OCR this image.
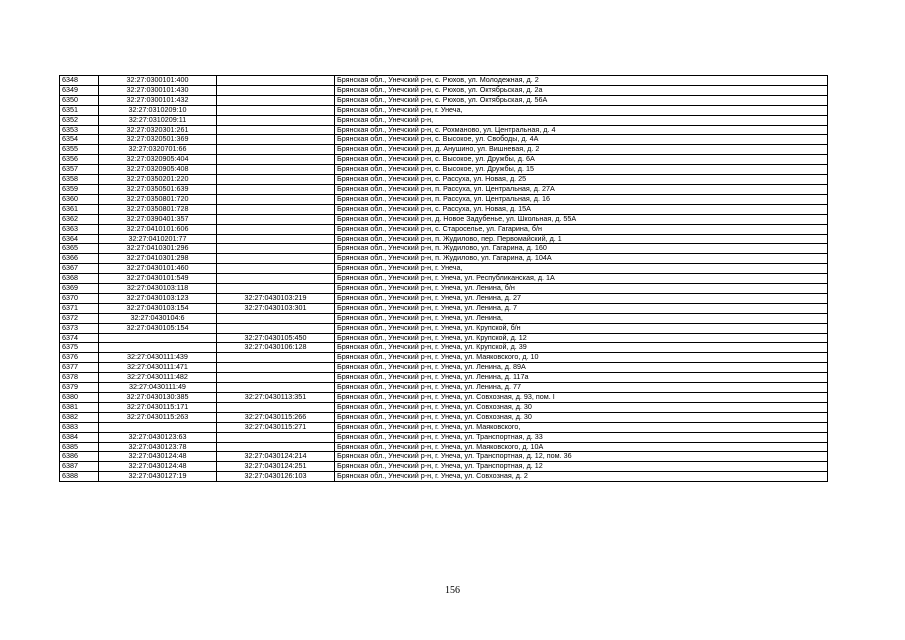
6348	32:27:0300101:400		Брянская обл., Унечский р-н, с. Рюхов, ул. Молодежная, д. 2
6349	32:27:0300101:430		Брянская обл., Унечский р-н, с. Рюхов, ул. Октябрьская, д. 2а
6350	32:27:0300101:432		Брянская обл., Унечский р-н, с. Рюхов, ул. Октябрьская, д. 56А
6351	32:27:0310209:10		Брянская обл., Унечский р-н, г. Унеча,
6352	32:27:0310209:11		Брянская обл., Унечский р-н,
6353	32:27:0320301:261		Брянская обл., Унечский р-н, с. Рохманово, ул. Центральная, д. 4
6354	32:27:0320501:369		Брянская обл., Унечский р-н, с. Высокое, ул. Свободы, д. 4А
6355	32:27:0320701:66		Брянская обл., Унечский р-н, д. Анушино, ул. Вишневая, д. 2
6356	32:27:0320905:404		Брянская обл., Унечский р-н, с. Высокое, ул. Дружбы, д. 6А
6357	32:27:0320905:408		Брянская обл., Унечский р-н, с. Высокое, ул. Дружбы, д. 15
6358	32:27:0350201:220		Брянская обл., Унечский р-н, с. Рассуха, ул. Новая, д. 25
6359	32:27:0350501:639		Брянская обл., Унечский р-н, п. Рассуха, ул. Центральная, д. 27А
6360	32:27:0350801:720		Брянская обл., Унечский р-н, п. Рассуха, ул. Центральная, д. 16
6361	32:27:0350801:728		Брянская обл., Унечский р-н, с. Рассуха, ул. Новая, д. 15А
6362	32:27:0390401:357		Брянская обл., Унечский р-н, д. Новое Задубенье, ул. Школьная, д. 55А
6363	32:27:0410101:606		Брянская обл., Унечский р-н, с. Староселье, ул. Гагарина, б/н
6364	32:27:0410201:77		Брянская обл., Унечский р-н, п. Жудилово, пер. Первомайский, д. 1
6365	32:27:0410301:296		Брянская обл., Унечский р-н, п. Жудилово, ул. Гагарина, д. 160
6366	32:27:0410301:298		Брянская обл., Унечский р-н, п. Жудилово, ул. Гагарина, д. 104А
6367	32:27:0430101:460		Брянская обл., Унечский р-н, г. Унеча,
6368	32:27:0430101:549		Брянская обл., Унечский р-н, г. Унеча, ул. Республиканская, д. 1А
6369	32:27:0430103:118		Брянская обл., Унечский р-н, г. Унеча, ул. Ленина, б/н
6370	32:27:0430103:123	32:27:0430103:219	Брянская обл., Унечский р-н, г. Унеча, ул. Ленина, д. 27
6371	32:27:0430103:154	32:27:0430103:301	Брянская обл., Унечский р-н, г. Унеча, ул. Ленина, д. 7
6372	32:27:0430104:6		Брянская обл., Унечский р-н, г. Унеча, ул. Ленина,
6373	32:27:0430105:154		Брянская обл., Унечский р-н, г. Унеча, ул. Крупской, б/н
6374		32:27:0430105:450	Брянская обл., Унечский р-н, г. Унеча, ул. Крупской, д. 12
6375		32:27:0430106:128	Брянская обл., Унечский р-н, г. Унеча, ул. Крупской, д. 39
6376	32:27:0430111:439		Брянская обл., Унечский р-н, г. Унеча, ул. Маяковского, д. 10
6377	32:27:0430111:471		Брянская обл., Унечский р-н, г. Унеча, ул. Ленина, д. 89А
6378	32:27:0430111:482		Брянская обл., Унечский р-н, г. Унеча, ул. Ленина, д. 117а
6379	32:27:0430111:49		Брянская обл., Унечский р-н, г. Унеча, ул. Ленина, д. 77
6380	32:27:0430130:385	32:27:0430113:351	Брянская обл., Унечский р-н, г. Унеча, ул. Совхозная, д. 93, пом. I
6381	32:27:0430115:171		Брянская обл., Унечский р-н, г. Унеча, ул. Совхозная, д. 30
6382	32:27:0430115:263	32:27:0430115:266	Брянская обл., Унечский р-н, г. Унеча, ул. Совхозная, д. 30
6383		32:27:0430115:271	Брянская обл., Унечский р-н, г. Унеча, ул. Маяковского,
6384	32:27:0430123:63		Брянская обл., Унечский р-н, г. Унеча, ул. Транспортная, д. 33
6385	32:27:0430123:78		Брянская обл., Унечский р-н, г. Унеча, ул. Маяковского, д. 10А
6386	32:27:0430124:48	32:27:0430124:214	Брянская обл., Унечский р-н, г. Унеча, ул. Транспортная, д. 12, пом. 36
6387	32:27:0430124:48	32:27:0430124:251	Брянская обл., Унечский р-н, г. Унеча, ул. Транспортная, д. 12
6388	32:27:0430127:19	32:27:0430126:103	Брянская обл., Унечский р-н, г. Унеча, ул. Совхозная, д. 2
156
